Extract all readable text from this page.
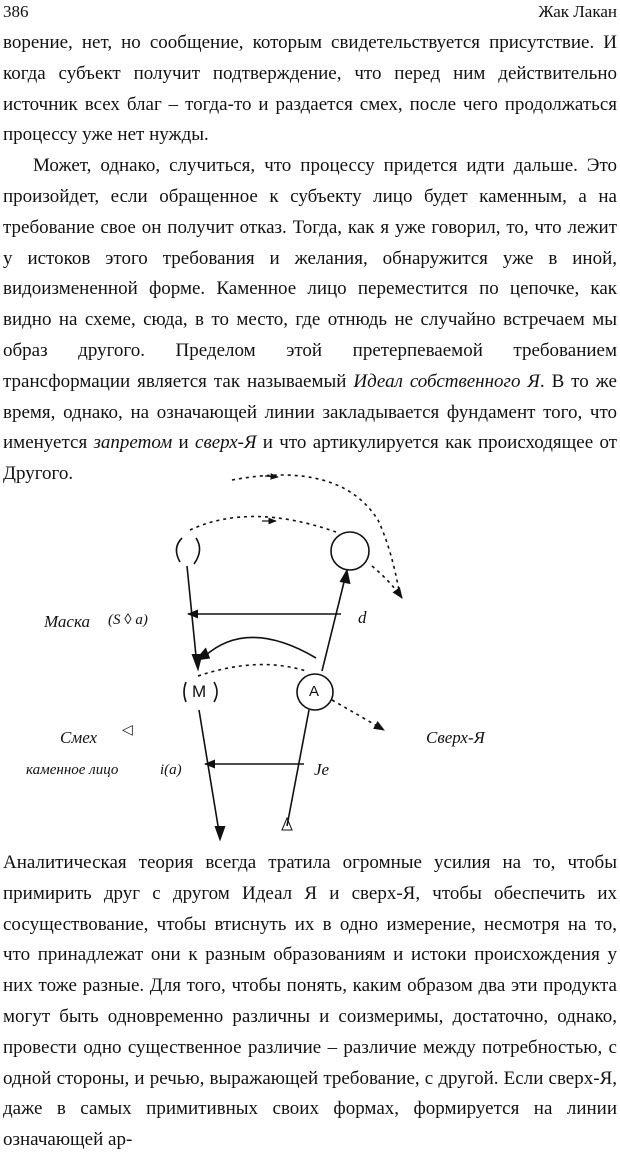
386	Жак Лакан

ворение, нет, но сообщение, которым свидетельствуется присутствие. И когда субъект получит подтверждение, что перед ним действительно источник всех благ – тогда-то и раздается смех, после чего продолжаться процессу уже нет нужды.

Может, однако, случиться, что процессу придется идти дальше. Это произойдет, если обращенное к субъекту лицо будет каменным, а на требование свое он получит отказ. Тогда, как я уже говорил, то, что лежит у истоков этого требования и желания, обнаружится уже в иной, видоизмененной форме. Каменное лицо переместится по цепочке, как видно на схеме, сюда, в то место, где отнюдь не случайно встречаем мы образ другого. Пределом этой претерпеваемой требованием трансформации является так называемый Идеал собственного Я. В то же время, однако, на означающей линии закладывается фундамент того, что именуется запретом и сверх-Я и что артикулируется как происходящее от Другого.

Маска (S ◊ a)	d
Смех ◁
каменное лицо	i(a)	Je
Сверх-Я
M	A

Аналитическая теория всегда тратила огромные усилия на то, чтобы примирить друг с другом Идеал Я и сверх-Я, чтобы обеспечить их сосуществование, чтобы втиснуть их в одно измерение, несмотря на то, что принадлежат они к разным образованиям и истоки происхождения у них тоже разные. Для того, чтобы понять, каким образом два эти продукта могут быть одновременно различны и соизмеримы, достаточно, однако, провести одно существенное различие – различие между потребностью, с одной стороны, и речью, выражающей требование, с другой. Если сверх-Я, даже в самых примитивных своих формах, формируется на линии означающей ар-
